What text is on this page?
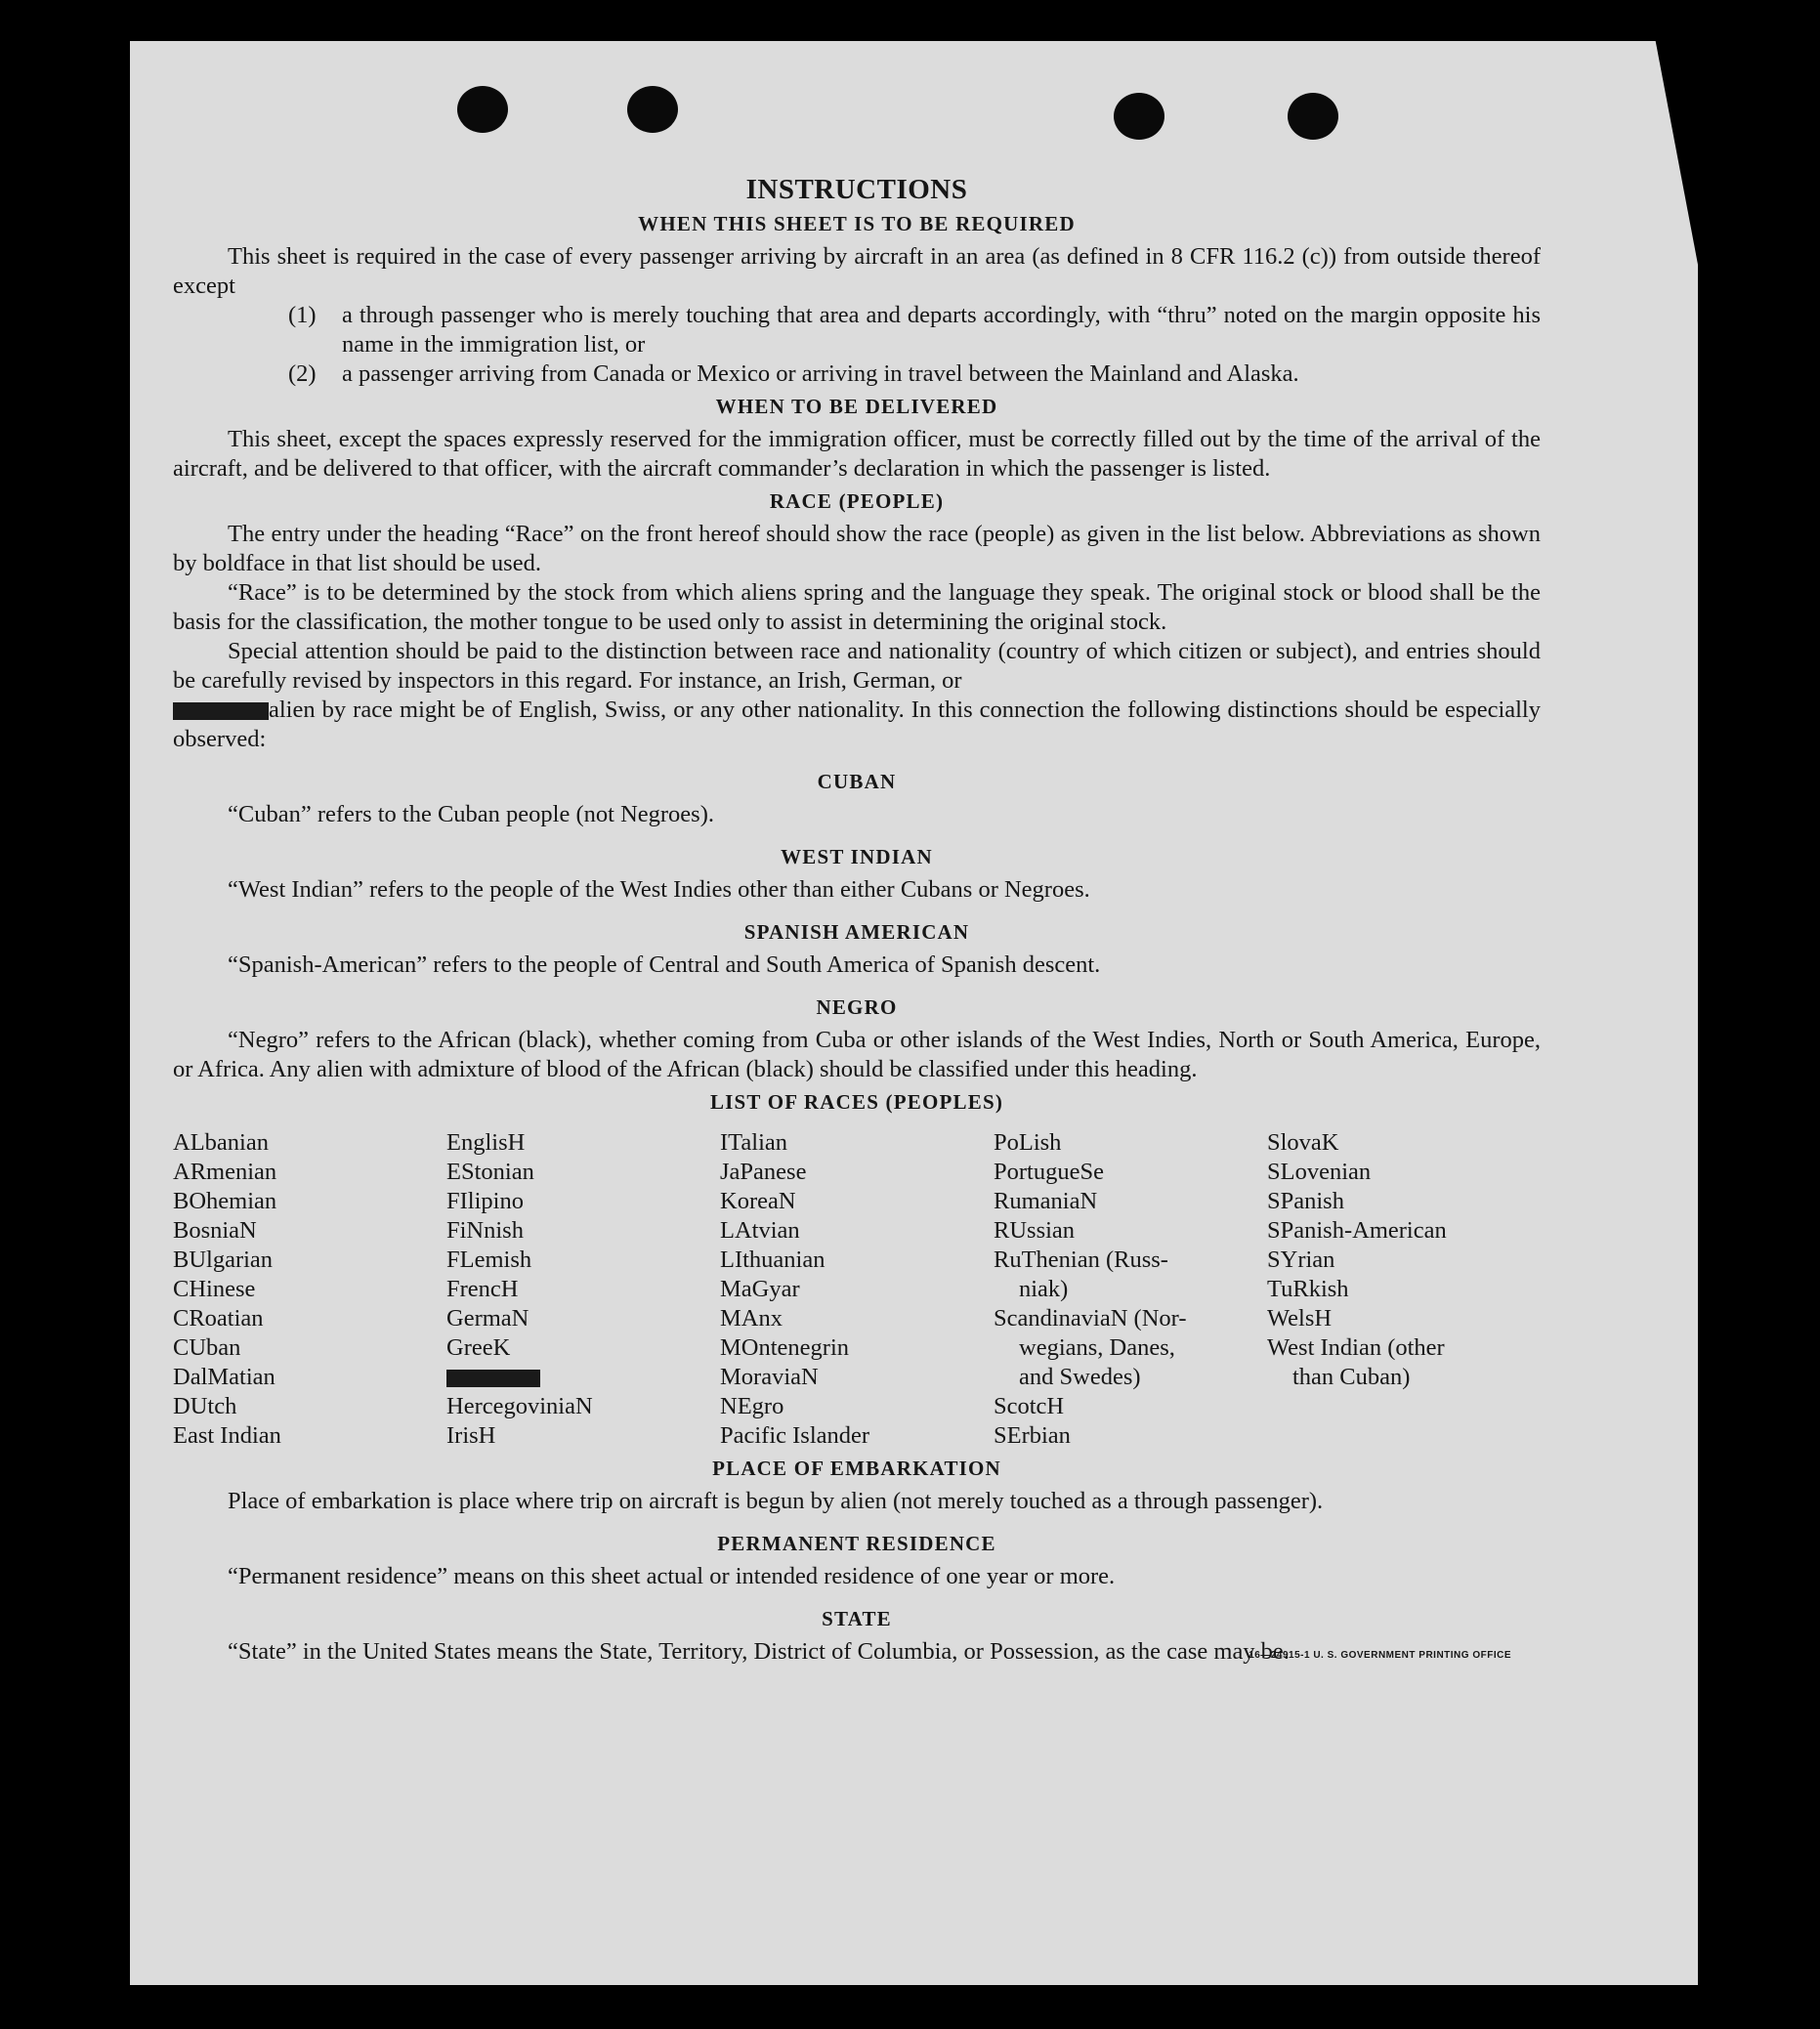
INSTRUCTIONS
WHEN THIS SHEET IS TO BE REQUIRED

This sheet is required in the case of every passenger arriving by aircraft in an area (as defined in 8 CFR 116.2 (c)) from outside thereof except

(1)	a through passenger who is merely touching that area and departs accordingly, with “thru” noted on the margin opposite his name in the immigration list, or
(2)	a passenger arriving from Canada or Mexico or arriving in travel between the Mainland and Alaska.
WHEN TO BE DELIVERED

This sheet, except the spaces expressly reserved for the immigration officer, must be correctly filled out by the time of the arrival of the aircraft, and be delivered to that officer, with the aircraft commander’s declaration in which the passenger is listed.

RACE (PEOPLE)

The entry under the heading “Race” on the front hereof should show the race (people) as given in the list below. Abbreviations as shown by boldface in that list should be used.

“Race” is to be determined by the stock from which aliens spring and the language they speak. The original stock or blood shall be the basis for the classification, the mother tongue to be used only to assist in determining the original stock.

Special attention should be paid to the distinction between race and nationality (country of which citizen or subject), and entries should be carefully revised by inspectors in this regard. For instance, an Irish, German, or

alien by race might be of English, Swiss, or any other nationality. In this connection the following distinctions should be especially observed:

CUBAN

“Cuban” refers to the Cuban people (not Negroes).

WEST INDIAN

“West Indian” refers to the people of the West Indies other than either Cubans or Negroes.

SPANISH AMERICAN

“Spanish-American” refers to the people of Central and South America of Spanish descent.

NEGRO

“Negro” refers to the African (black), whether coming from Cuba or other islands of the West Indies, North or South America, Europe, or Africa. Any alien with admixture of blood of the African (black) should be classified under this heading.

LIST OF RACES (PEOPLES)
ALbanian
ARmenian
BOhemian
BosniaN
BUlgarian
CHinese
CRoatian
CUban
DalMatian
DUtch
East Indian
EnglisH
EStonian
FIlipino
FiNnish
FLemish
FrencH
GermaN
GreeK
HercegoviniaN
IrisH
ITalian
JaPanese
KoreaN
LAtvian
LIthuanian
MaGyar
MAnx
MOntenegrin
MoraviaN
NEgro
Pacific Islander
PoLish
PortugueSe
RumaniaN
RUssian
RuThenian (Russ-
niak)
ScandinaviaN (Nor-
wegians, Danes,
and Swedes)
ScotcH
SErbian
SlovaK
SLovenian
SPanish
SPanish-American
SYrian
TuRkish
WelsH
West Indian (other
than Cuban)
PLACE OF EMBARKATION

Place of embarkation is place where trip on aircraft is begun by alien (not merely touched as a through passenger).

PERMANENT RESIDENCE

“Permanent residence” means on this sheet actual or intended residence of one year or more.

STATE

“State” in the United States means the State, Territory, District of Columbia, or Possession, as the case may be.

16—24915-1 U. S. GOVERNMENT PRINTING OFFICE
